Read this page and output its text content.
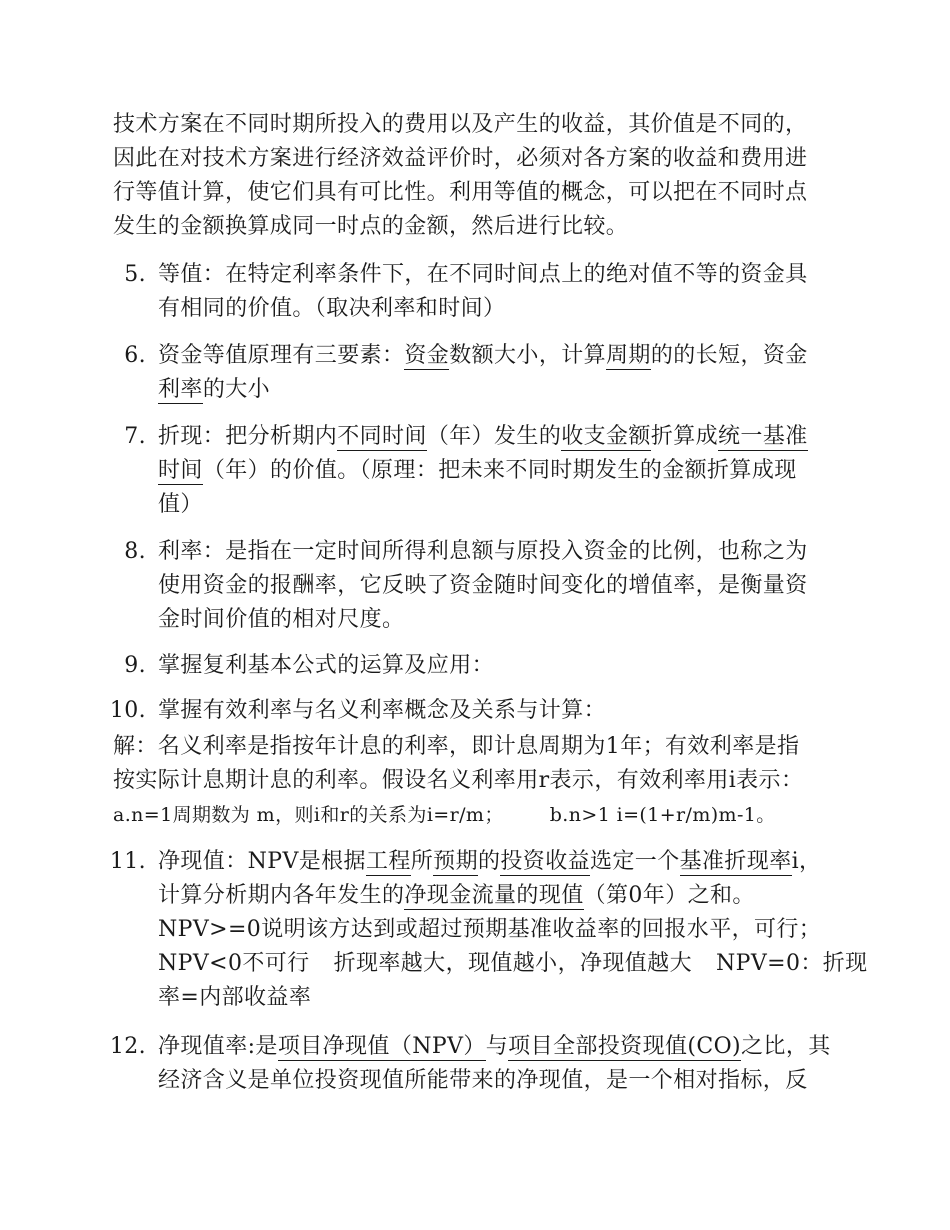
技术方案在不同时期所投入的费用以及产生的收益，其价值是不同的，
因此在对技术方案进行经济效益评价时，必须对各方案的收益和费用进
行等值计算，使它们具有可比性。利用等值的概念，可以把在不同时点
发生的金额换算成同一时点的金额，然后进行比较。
5. 等值：在特定利率条件下，在不同时间点上的绝对值不等的资金具
有相同的价值。（取决利率和时间）
6. 资金等值原理有三要素：资金数额大小，计算周期的的长短，资金
利率的大小
7. 折现：把分析期内不同时间（年）发生的收支金额折算成统一基准
时间（年）的价值。（原理：把未来不同时期发生的金额折算成现
值）
8. 利率：是指在一定时间所得利息额与原投入资金的比例，也称之为
使用资金的报酬率，它反映了资金随时间变化的增值率，是衡量资
金时间价值的相对尺度。
9. 掌握复利基本公式的运算及应用：
10. 掌握有效利率与名义利率概念及关系与计算：
解：名义利率是指按年计息的利率，即计息周期为1年；有效利率是指
按实际计息期计息的利率。假设名义利率用r表示，有效利率用i表示：
a.n=1周期数为 m，则i和r的关系为i=r/m； b.n>1 i=(1+r/m)m-1。
11. 净现值：NPV是根据工程所预期的投资收益选定一个基准折现率i，
计算分析期内各年发生的净现金流量的现值（第0年）之和。
NPV>=0说明该方达到或超过预期基准收益率的回报水平，可行；
NPV<0不可行 折现率越大，现值越小，净现值越大 NPV=0：折现
率=内部收益率
12. 净现值率:是项目净现值（NPV）与项目全部投资现值(CO)之比，其
经济含义是单位投资现值所能带来的净现值，是一个相对指标，反
